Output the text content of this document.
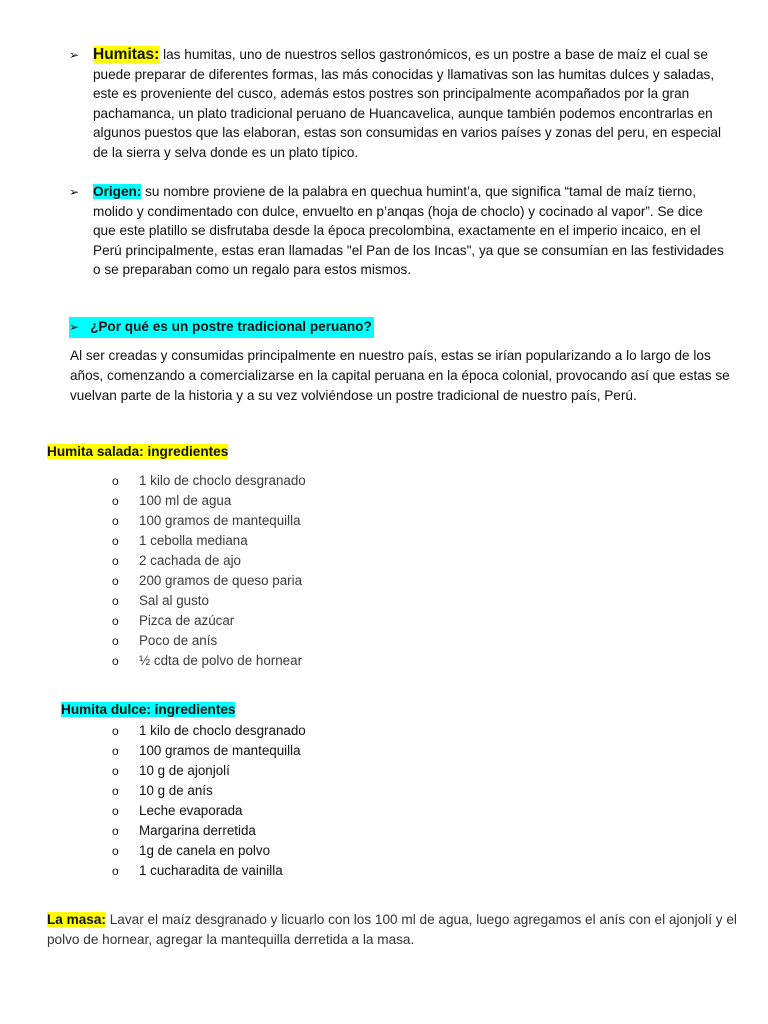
➢ Humitas: las humitas, uno de nuestros sellos gastronómicos, es un postre a base de maíz el cual se puede preparar de diferentes formas, las más conocidas y llamativas son las humitas dulces y saladas, este es proveniente del cusco, además estos postres son principalmente acompañados por la gran pachamanca, un plato tradicional peruano de Huancavelica, aunque también podemos encontrarlas en algunos puestos que las elaboran, estas son consumidas en varios países y zonas del peru, en especial de la sierra y selva donde es un plato típico.
➢ Origen: su nombre proviene de la palabra en quechua humint’a, que significa “tamal de maíz tierno, molido y condimentado con dulce, envuelto en p’anqas (hoja de choclo) y cocinado al vapor”. Se dice que este platillo se disfrutaba desde la época precolombina, exactamente en el imperio incaico, en el Perú principalmente, estas eran llamadas "el Pan de los Incas", ya que se consumían en las festividades o se preparaban como un regalo para estos mismos.
➢ ¿Por qué es un postre tradicional peruano?
Al ser creadas y consumidas principalmente en nuestro país, estas se irían popularizando a lo largo de los años, comenzando a comercializarse en la capital peruana en la época colonial, provocando así que estas se vuelvan parte de la historia y a su vez volviéndose un postre tradicional de nuestro país, Perú.
Humita salada: ingredientes
o 1 kilo de choclo desgranado
o 100 ml de agua
o 100 gramos de mantequilla
o 1 cebolla mediana
o 2 cachada de ajo
o 200 gramos de queso paria
o Sal al gusto
o Pizca de azúcar
o Poco de anís
o ½ cdta de polvo de hornear
Humita dulce: ingredientes
o 1 kilo de choclo desgranado
o 100 gramos de mantequilla
o 10 g de ajonjolí
o 10 g de anís
o Leche evaporada
o Margarina derretida
o 1g de canela en polvo
o 1 cucharadita de vainilla
La masa: Lavar el maíz desgranado y licuarlo con los 100 ml de agua, luego agregamos el anís con el ajonjolí y el polvo de hornear, agregar la mantequilla derretida a la masa.
